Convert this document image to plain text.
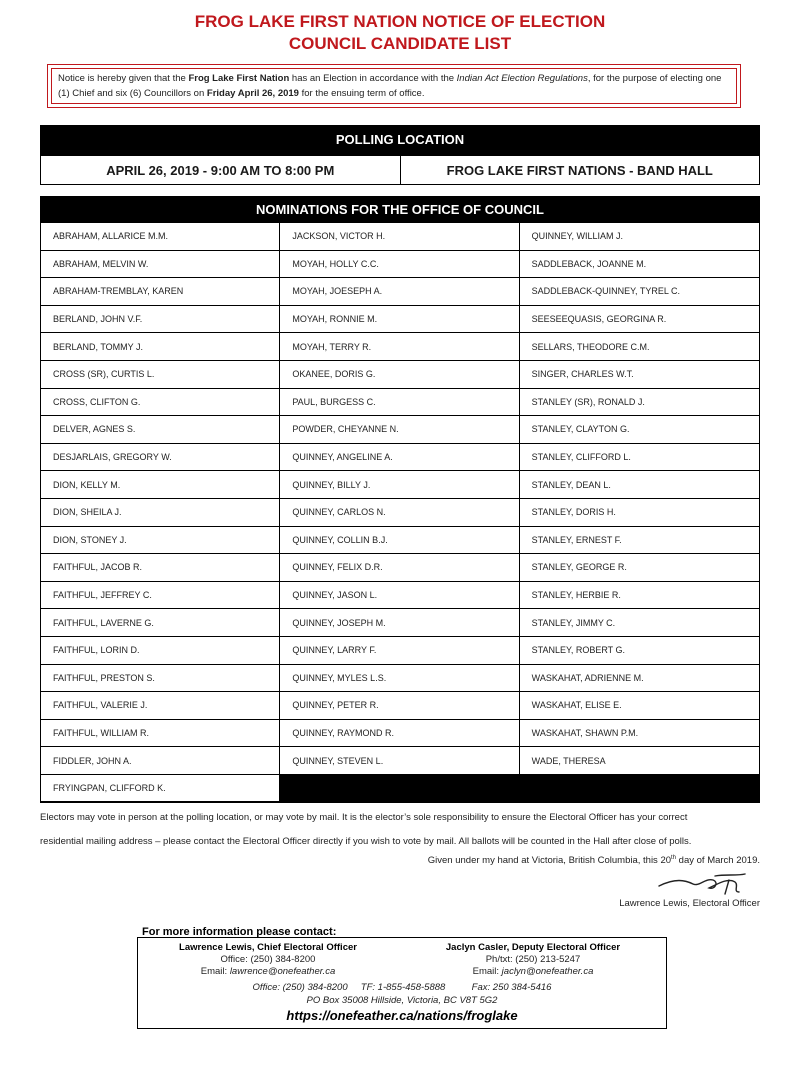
FROG LAKE FIRST NATION NOTICE OF ELECTION
COUNCIL CANDIDATE LIST
Notice is hereby given that the Frog Lake First Nation has an Election in accordance with the Indian Act Election Regulations, for the purpose of electing one (1) Chief and six (6) Councillors on Friday April 26, 2019 for the ensuing term of office.
POLLING LOCATION
APRIL 26, 2019 - 9:00 AM TO 8:00 PM	FROG LAKE FIRST NATIONS - BAND HALL
NOMINATIONS FOR THE OFFICE OF COUNCIL
ABRAHAM, ALLARICE M.M.	JACKSON, VICTOR H.	QUINNEY, WILLIAM J.
ABRAHAM, MELVIN W.	MOYAH, HOLLY C.C.	SADDLEBACK, JOANNE M.
ABRAHAM-TREMBLAY, KAREN	MOYAH, JOESEPH A.	SADDLEBACK-QUINNEY, TYREL C.
BERLAND, JOHN V.F.	MOYAH, RONNIE M.	SEESEEQUASIS, GEORGINA R.
BERLAND, TOMMY J.	MOYAH, TERRY R.	SELLARS, THEODORE C.M.
CROSS (SR), CURTIS L.	OKANEE, DORIS G.	SINGER, CHARLES W.T.
CROSS, CLIFTON G.	PAUL, BURGESS C.	STANLEY (SR), RONALD J.
DELVER, AGNES S.	POWDER, CHEYANNE N.	STANLEY, CLAYTON G.
DESJARLAIS, GREGORY W.	QUINNEY, ANGELINE A.	STANLEY, CLIFFORD L.
DION, KELLY M.	QUINNEY, BILLY J.	STANLEY, DEAN L.
DION, SHEILA J.	QUINNEY, CARLOS N.	STANLEY, DORIS H.
DION, STONEY J.	QUINNEY, COLLIN B.J.	STANLEY, ERNEST F.
FAITHFUL, JACOB R.	QUINNEY, FELIX D.R.	STANLEY, GEORGE R.
FAITHFUL, JEFFREY C.	QUINNEY, JASON L.	STANLEY, HERBIE R.
FAITHFUL, LAVERNE G.	QUINNEY, JOSEPH M.	STANLEY, JIMMY C.
FAITHFUL, LORIN D.	QUINNEY, LARRY F.	STANLEY, ROBERT G.
FAITHFUL, PRESTON S.	QUINNEY, MYLES L.S.	WASKAHAT, ADRIENNE M.
FAITHFUL, VALERIE J.	QUINNEY, PETER R.	WASKAHAT, ELISE E.
FAITHFUL, WILLIAM R.	QUINNEY, RAYMOND R.	WASKAHAT, SHAWN P.M.
FIDDLER, JOHN A.	QUINNEY, STEVEN L.	WADE, THERESA
FRYINGPAN, CLIFFORD K.
Electors may vote in person at the polling location, or may vote by mail. It is the elector’s sole responsibility to ensure the Electoral Officer has your correct
residential mailing address – please contact the Electoral Officer directly if you wish to vote by mail. All ballots will be counted in the Hall after close of polls.
Given under my hand at Victoria, British Columbia, this 20th day of March 2019.
Lawrence Lewis, Electoral Officer
For more information please contact:
Lawrence Lewis, Chief Electoral Officer
Office: (250) 384-8200
Email: lawrence@onefeather.ca
Jaclyn Casler, Deputy Electoral Officer
Ph/txt: (250) 213-5247
Email: jaclyn@onefeather.ca
Office: (250) 384-8200     TF: 1-855-458-5888          Fax: 250 384-5416
PO Box 35008 Hillside, Victoria, BC V8T 5G2
https://onefeather.ca/nations/froglake
